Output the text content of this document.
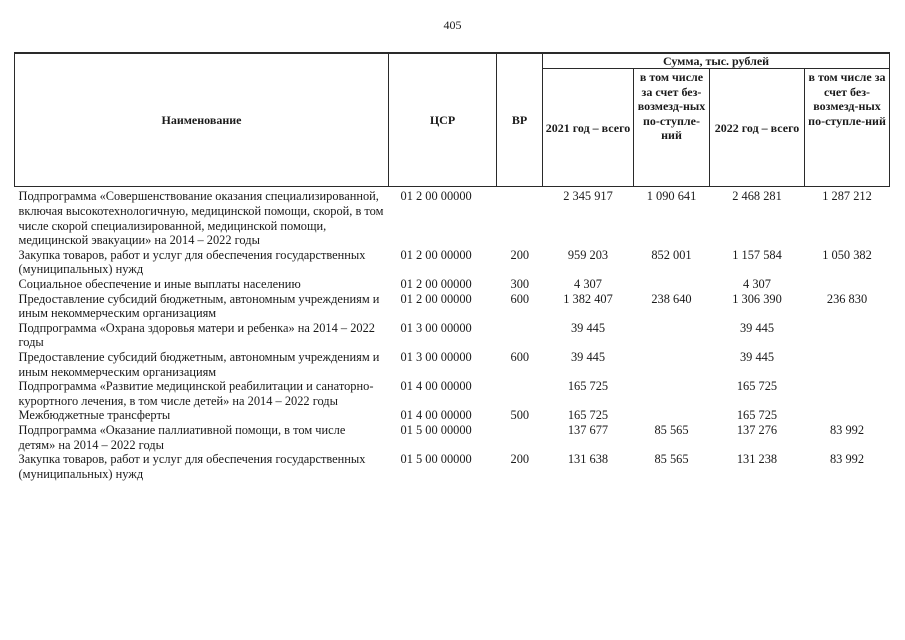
405
Наименование	ЦСР	ВР	Сумма, тыс. рублей			
			2021 год – всего	в том числе за счет без-возмезд-ных по-ступле-ний	2022 год – всего	в том числе за счет без-возмезд-ных по-ступле-ний
Подпрограмма «Совершенствование оказания специализированной, включая высокотехнологичную, медицинской помощи, скорой, в том числе скорой специализированной, медицинской помощи, медицинской эвакуации» на 2014 – 2022 годы	01 2 00 00000		2 345 917	1 090 641	2 468 281	1 287 212
Закупка товаров, работ и услуг для обеспечения государственных (муниципальных) нужд	01 2 00 00000	200	959 203	852 001	1 157 584	1 050 382
Социальное обеспечение и иные выплаты населению	01 2 00 00000	300	4 307		4 307	
Предоставление субсидий бюджетным, автономным учреждениям и иным некоммерческим организациям	01 2 00 00000	600	1 382 407	238 640	1 306 390	236 830
Подпрограмма «Охрана здоровья матери и ребенка» на 2014 – 2022 годы	01 3 00 00000		39 445		39 445	
Предоставление субсидий бюджетным, автономным учреждениям и иным некоммерческим организациям	01 3 00 00000	600	39 445		39 445	
Подпрограмма «Развитие медицинской реабилитации и санаторно-курортного лечения, в том числе детей» на 2014 – 2022 годы	01 4 00 00000		165 725		165 725	
Межбюджетные трансферты	01 4 00 00000	500	165 725		165 725	
Подпрограмма «Оказание паллиативной помощи, в том числе детям» на 2014 – 2022 годы	01 5 00 00000		137 677	85 565	137 276	83 992
Закупка товаров, работ и услуг для обеспечения государственных (муниципальных) нужд	01 5 00 00000	200	131 638	85 565	131 238	83 992
